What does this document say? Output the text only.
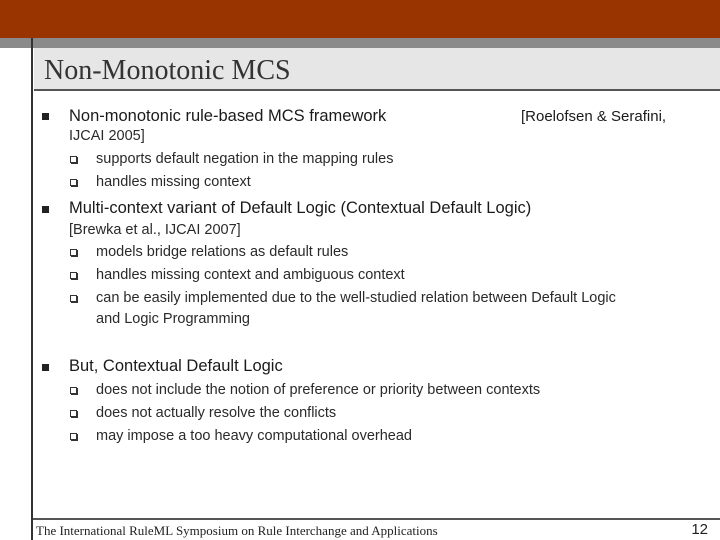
Non-Monotonic MCS
Non-monotonic rule-based MCS framework	[Roelofsen & Serafini,
IJCAI 2005]
supports default negation in the mapping rules
handles missing context
Multi-context variant of Default Logic (Contextual Default Logic)
[Brewka et al., IJCAI 2007]
models bridge relations as default rules
handles missing context and ambiguous context
can be easily implemented due to the well-studied relation between Default Logic
and Logic Programming
But, Contextual Default Logic
does not include the notion of preference or priority between contexts
does not actually resolve the conflicts
may impose a too heavy computational overhead
The International RuleML Symposium on Rule Interchange and Applications	12
